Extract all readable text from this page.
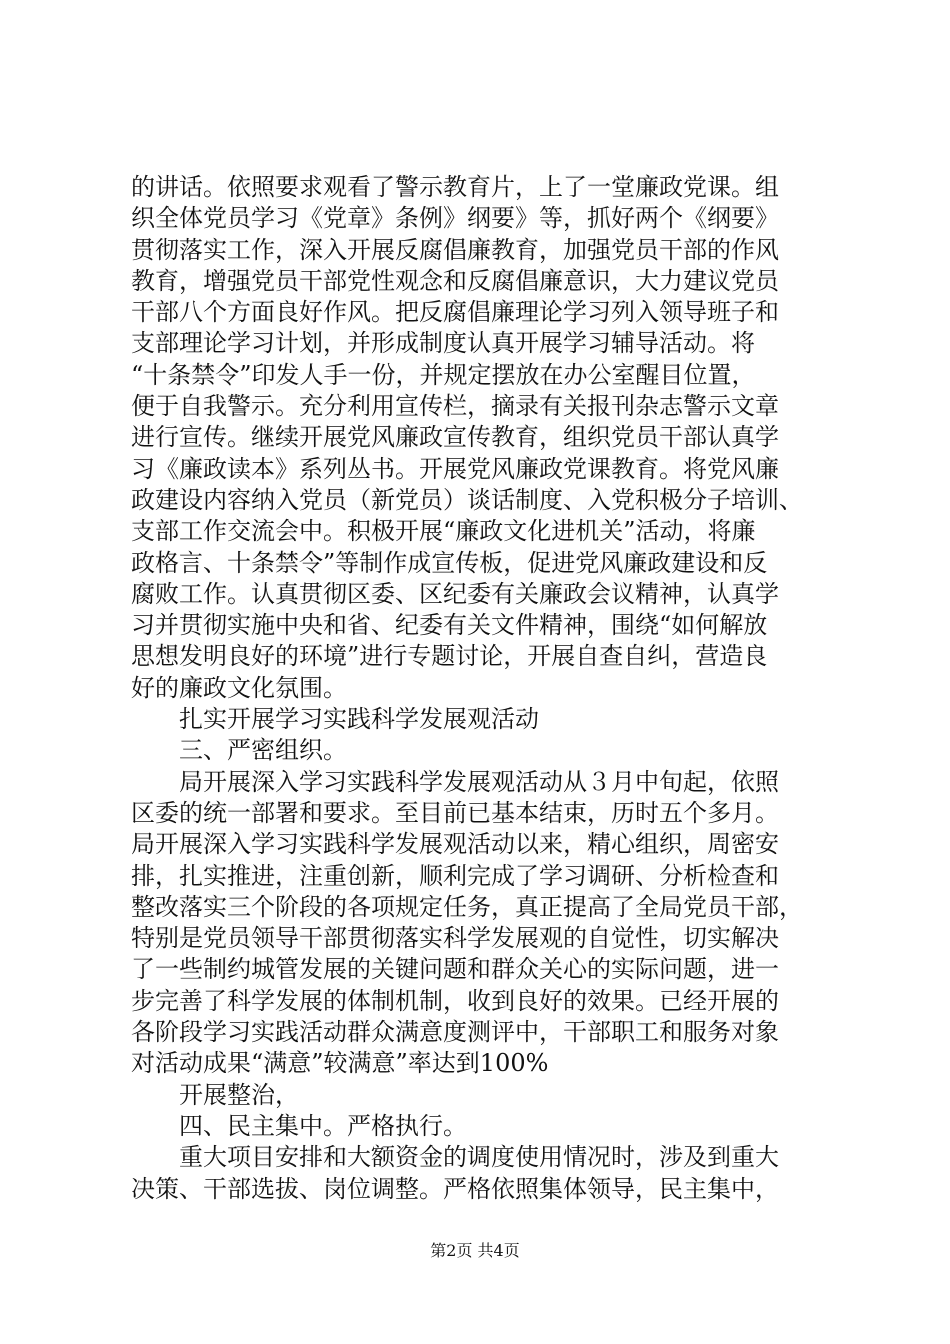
的讲话。依照要求观看了警示教育片，上了一堂廉政党课。组
织全体党员学习《党章》条例》纲要》等，抓好两个《纲要》
贯彻落实工作，深入开展反腐倡廉教育，加强党员干部的作风
教育，增强党员干部党性观念和反腐倡廉意识，大力建议党员
干部八个方面良好作风。把反腐倡廉理论学习列入领导班子和
支部理论学习计划，并形成制度认真开展学习辅导活动。将
“十条禁令”印发人手一份，并规定摆放在办公室醒目位置，
便于自我警示。充分利用宣传栏，摘录有关报刊杂志警示文章
进行宣传。继续开展党风廉政宣传教育，组织党员干部认真学
习《廉政读本》系列丛书。开展党风廉政党课教育。将党风廉
政建设内容纳入党员（新党员）谈话制度、入党积极分子培训、
支部工作交流会中。积极开展“廉政文化进机关”活动，将廉
政格言、十条禁令”等制作成宣传板，促进党风廉政建设和反
腐败工作。认真贯彻区委、区纪委有关廉政会议精神，认真学
习并贯彻实施中央和省、纪委有关文件精神，围绕“如何解放
思想发明良好的环境”进行专题讨论，开展自查自纠，营造良
好的廉政文化氛围。
扎实开展学习实践科学发展观活动
三、严密组织。
局开展深入学习实践科学发展观活动从３月中旬起，依照
区委的统一部署和要求。至目前已基本结束，历时五个多月。
局开展深入学习实践科学发展观活动以来，精心组织，周密安
排，扎实推进，注重创新，顺利完成了学习调研、分析检查和
整改落实三个阶段的各项规定任务，真正提高了全局党员干部，
特别是党员领导干部贯彻落实科学发展观的自觉性，切实解决
了一些制约城管发展的关键问题和群众关心的实际问题，进一
步完善了科学发展的体制机制，收到良好的效果。已经开展的
各阶段学习实践活动群众满意度测评中，干部职工和服务对象
对活动成果“满意”较满意”率达到100%
开展整治，
四、民主集中。严格执行。
重大项目安排和大额资金的调度使用情况时，涉及到重大
决策、干部选拔、岗位调整。严格依照集体领导，民主集中，
第2页 共4页
